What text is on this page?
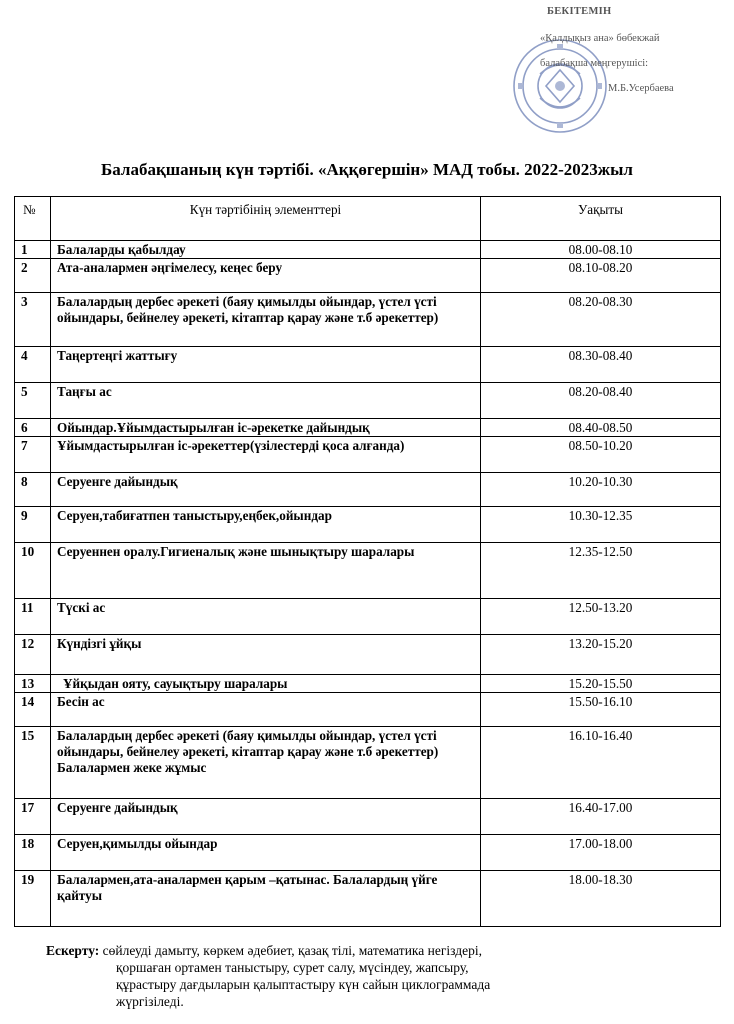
БЕКІТЕМІН
«Қалдықыз ана» бөбекжай
балабақша меңгерушісі:
М.Б.Усербаева
Балабақшаның күн тәртібі. «Аққөгершін» МАД тобы. 2022-2023жыл
№	Күн тәртібінің элементтері	Уақыты
1	Балаларды қабылдау	08.00-08.10
2	Ата-аналармен әңгімелесу, кеңес беру	08.10-08.20
3	Балалардың дербес әрекеті (баяу қимылды ойындар, үстел үсті ойындары, бейнелеу әрекеті, кітаптар қарау және т.б әрекеттер)	08.20-08.30
4	Таңертеңгі жаттығу	08.30-08.40
5	Таңғы ас	08.20-08.40
6	Ойындар.Ұйымдастырылған іс-әрекетке дайындық	08.40-08.50
7	Ұйымдастырылған іс-әрекеттер(үзілестерді қоса алғанда)	08.50-10.20
8	Серуенге дайындық	10.20-10.30
9	Серуен,табиғатпен таныстыру,еңбек,ойындар	10.30-12.35
10	Серуеннен оралу.Гигиеналық және шынықтыру шаралары	12.35-12.50
11	Түскі ас	12.50-13.20
12	Күндізгі ұйқы	13.20-15.20
13	Ұйқыдан ояту, сауықтыру шаралары	15.20-15.50
14	Бесін ас	15.50-16.10
15	Балалардың дербес әрекеті (баяу қимылды ойындар, үстел үсті ойындары, бейнелеу әрекеті, кітаптар қарау және т.б әрекеттер) Балалармен жеке жұмыс	16.10-16.40
17	Серуенге дайындық	16.40-17.00
18	Серуен,қимылды ойындар	17.00-18.00
19	Балалармен,ата-аналармен қарым –қатынас. Балалардың үйге қайтуы	18.00-18.30
Ескерту: сөйлеуді дамыту, көркем әдебиет, қазақ тілі, математика негіздері,
қоршаған ортамен таныстыру, сурет салу, мүсіндеу, жапсыру,
құрастыру дағдыларын қалыптастыру күн сайын циклограммада
жүргізіледі.
